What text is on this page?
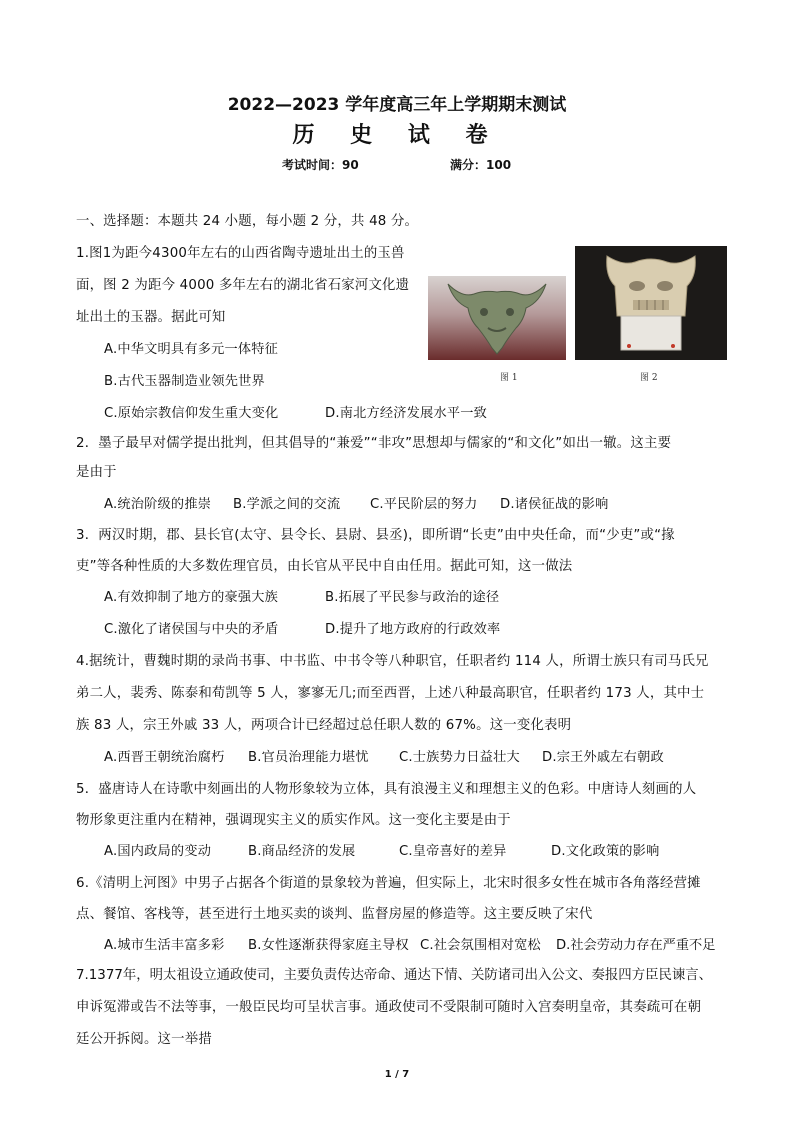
2022—2023 学年度高三年上学期期末测试
历 史 试 卷
考试时间：90	满分：100
一、选择题：本题共 24 小题，每小题 2 分，共 48 分。
1.图1为距今4300年左右的山西省陶寺遗址出土的玉兽
面，图 2 为距今 4000 多年左右的湖北省石家河文化遗
址出土的玉器。据此可知
A.中华文明具有多元一体特征
B.古代玉器制造业领先世界
C.原始宗教信仰发生重大变化	D.南北方经济发展水平一致
图 1	图 2
2．墨子最早对儒学提出批判，但其倡导的“兼爱”“非攻”思想却与儒家的“和文化”如出一辙。这主要
是由于
A.统治阶级的推崇 B.学派之间的交流 C.平民阶层的努力 D.诸侯征战的影响
3．两汉时期，郡、县长官(太守、县令长、县尉、县丞)，即所谓“长吏”由中央任命，而“少吏”或“掾
吏”等各种性质的大多数佐理官员，由长官从平民中自由任用。据此可知，这一做法
A.有效抑制了地方的豪强大族	B.拓展了平民参与政治的途径
C.激化了诸侯国与中央的矛盾	D.提升了地方政府的行政效率
4.据统计，曹魏时期的录尚书事、中书监、中书令等八种职官，任职者约 114 人，所谓士族只有司马氏兄
弟二人，裴秀、陈泰和荀凯等 5 人，寥寥无几;而至西晋，上述八种最高职官，任职者约 173 人，其中士
族 83 人，宗王外戚 33 人，两项合计已经超过总任职人数的 67%。这一变化表明
A.西晋王朝统治腐朽 B.官员治理能力堪忧 C.士族势力日益壮大 D.宗王外戚左右朝政
5．盛唐诗人在诗歌中刻画出的人物形象较为立体，具有浪漫主义和理想主义的色彩。中唐诗人刻画的人
物形象更注重内在精神，强调现实主义的质实作风。这一变化主要是由于
A.国内政局的变动	B.商品经济的发展	C.皇帝喜好的差异	D.文化政策的影响
6.《清明上河图》中男子占据各个街道的景象较为普遍，但实际上，北宋时很多女性在城市各角落经营摊
点、餐馆、客栈等，甚至进行土地买卖的谈判、监督房屋的修造等。这主要反映了宋代
A.城市生活丰富多彩 B.女性逐渐获得家庭主导权 C.社会氛围相对宽松 D.社会劳动力存在严重不足
7.1377年，明太祖设立通政使司，主要负责传达帝命、通达下情、关防诸司出入公文、奏报四方臣民谏言、
申诉冤滞或告不法等事，一般臣民均可呈状言事。通政使司不受限制可随时入宫奏明皇帝，其奏疏可在朝
廷公开拆阅。这一举措
1 / 7
